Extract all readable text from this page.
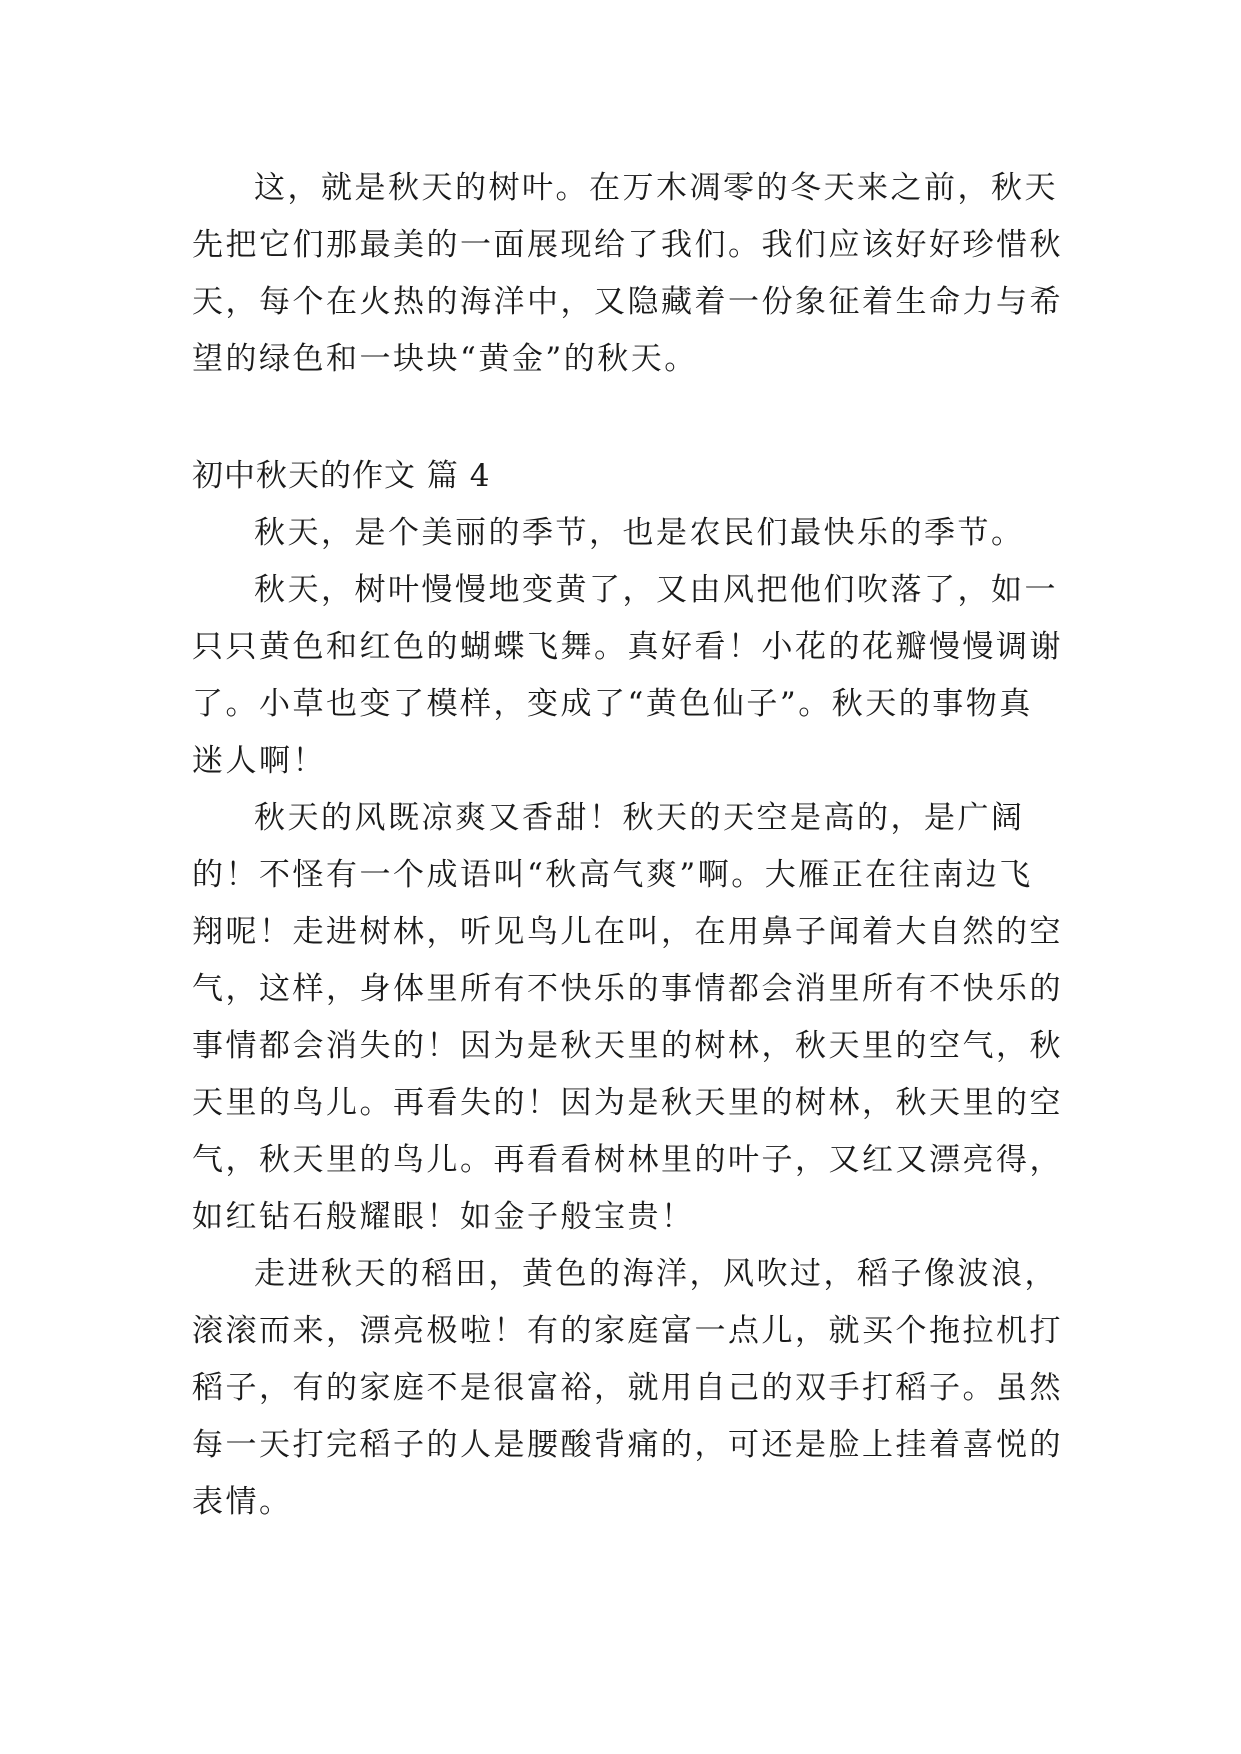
这，就是秋天的树叶。在万木凋零的冬天来之前，秋天
先把它们那最美的一面展现给了我们。我们应该好好珍惜秋
天，每个在火热的海洋中，又隐藏着一份象征着生命力与希
望的绿色和一块块“黄金”的秋天。
初中秋天的作文 篇 4
秋天，是个美丽的季节，也是农民们最快乐的季节。
秋天，树叶慢慢地变黄了，又由风把他们吹落了，如一
只只黄色和红色的蝴蝶飞舞。真好看！小花的花瓣慢慢调谢
了。小草也变了模样，变成了“黄色仙子”。秋天的事物真
迷人啊！
秋天的风既凉爽又香甜！秋天的天空是高的，是广阔
的！不怪有一个成语叫“秋高气爽”啊。大雁正在往南边飞
翔呢！走进树林，听见鸟儿在叫，在用鼻子闻着大自然的空
气，这样，身体里所有不快乐的事情都会消里所有不快乐的
事情都会消失的！因为是秋天里的树林，秋天里的空气，秋
天里的鸟儿。再看失的！因为是秋天里的树林，秋天里的空
气，秋天里的鸟儿。再看看树林里的叶子，又红又漂亮得，
如红钻石般耀眼！如金子般宝贵！
走进秋天的稻田，黄色的海洋，风吹过，稻子像波浪，
滚滚而来，漂亮极啦！有的家庭富一点儿，就买个拖拉机打
稻子，有的家庭不是很富裕，就用自己的双手打稻子。虽然
每一天打完稻子的人是腰酸背痛的，可还是脸上挂着喜悦的
表情。
